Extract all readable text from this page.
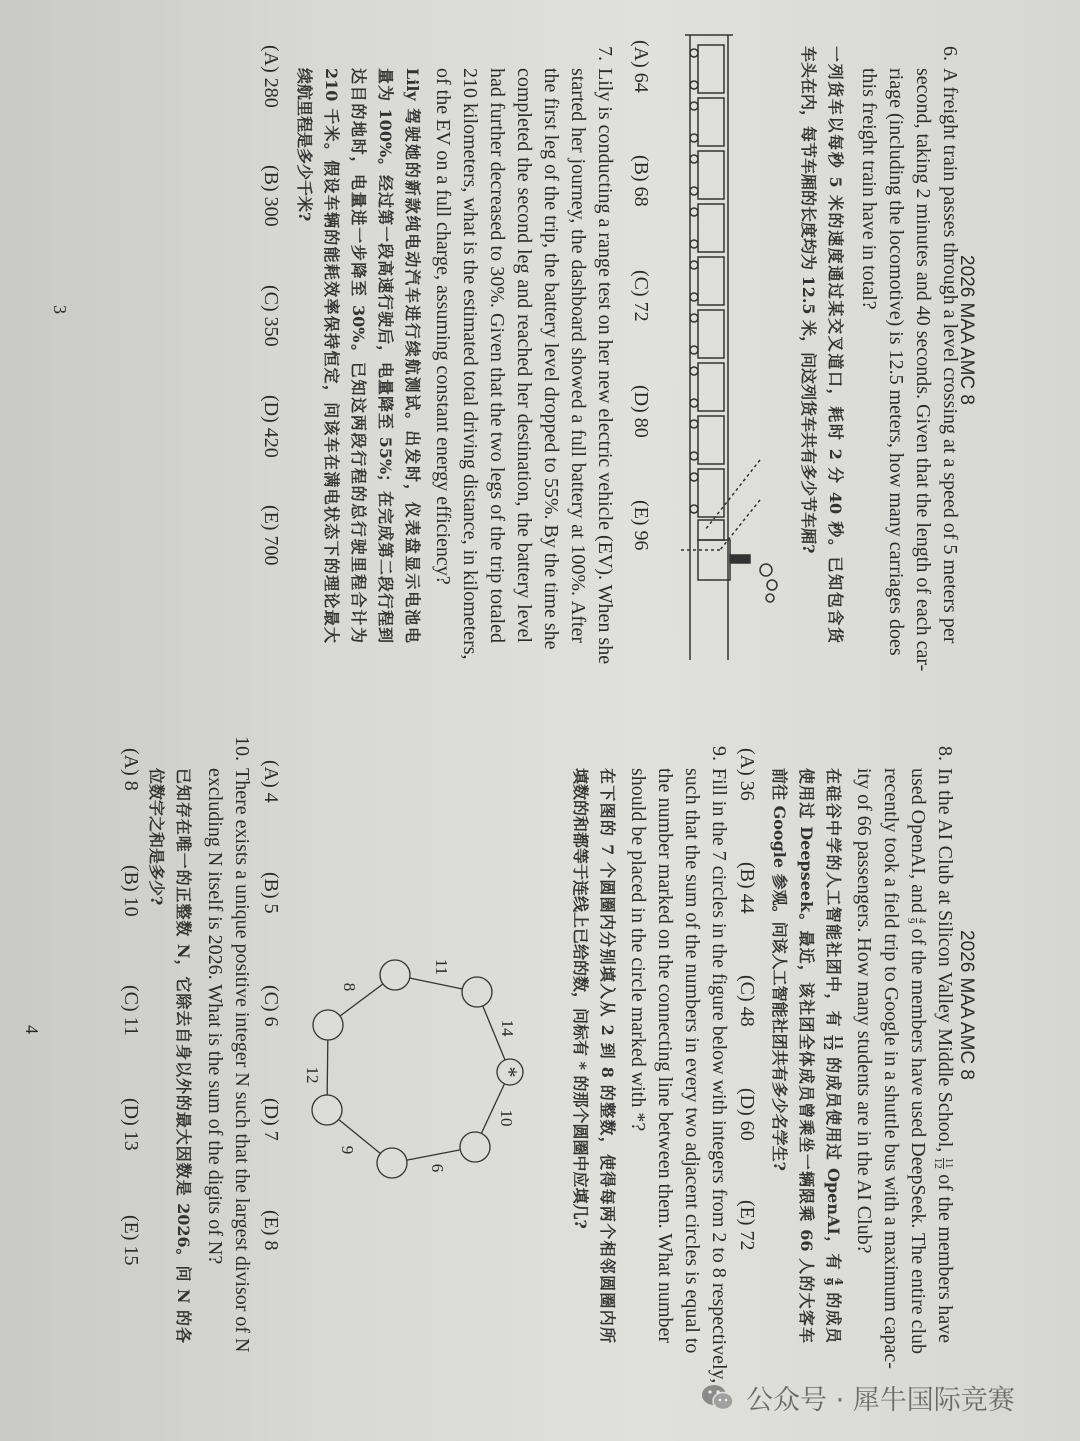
2026 MAA AMC 8
6.
A freight train passes through a level crossing at a speed of 5 meters per
second, taking 2 minutes and 40 seconds. Given that the length of each car-
riage (including the locomotive) is 12.5 meters, how many carriages does
this freight train have in total?
一列货车以每秒 5 米的速度通过某交叉道口，耗时 2 分 40 秒。已知包含货
车头在内，每节车厢的长度均为 12.5 米，问这列货车共有多少节车厢?
(A) 64
(B) 68
(C) 72
(D) 80
(E) 96
7.
Lily is conducting a range test on her new electric vehicle (EV). When she
started her journey, the dashboard showed a full battery at 100%. After
the first leg of the trip, the battery level dropped to 55%. By the time she
completed the second leg and reached her destination, the battery level
had further decreased to 30%. Given that the two legs of the trip totaled
210 kilometers, what is the estimated total driving distance, in kilometers,
of the EV on a full charge, assuming constant energy efficiency?
Lily 驾驶她的新款纯电动汽车进行续航测试。出发时，仪表盘显示电池电
量为 100%。经过第一段高速行驶后，电量降至 55%；在完成第二段行程到
达目的地时，电量进一步降至 30%。已知这两段行程的总行驶里程合计为
210 千米。假设车辆的能耗效率保持恒定，问该车在满电状态下的理论最大
续航里程是多少千米?
(A) 280
(B) 300
(C) 350
(D) 420
(E) 700
3
2026 MAA AMC 8
8.
In the AI Club at Silicon Valley Middle School,
11
12
of the members have
used OpenAI, and
4
9
of the members have used DeepSeek. The entire club
recently took a field trip to Google in a shuttle bus with a maximum capac-
ity of 66 passengers. How many students are in the AI Club?
在硅谷中学的人工智能社团中，有
11
12
的成员使用过 OpenAI，有
4
9
的成员
使用过 Deepseek。最近，该社团全体成员曾乘坐一辆限乘 66 人的大客车
前往 Google 参观。问该人工智能社团共有多少名学生?
(A) 36
(B) 44
(C) 48
(D) 60
(E) 72
9.
Fill in the 7 circles in the figure below with integers from 2 to 8 respectively,
such that the sum of the numbers in every two adjacent circles is equal to
the number marked on the connecting line between them. What number
should be placed in the circle marked with *?
在下图的 7 个圆圈内分别填入从 2 到 8 的整数，使得每两个相邻圆圈内所
填数的和都等于连线上已给的数，问标有 * 的那个圆圈中应填几?
14
11
8
12
9
6
10
*
(A) 4
(B) 5
(C) 6
(D) 7
(E) 8
10.
There exists a unique positive integer N such that the largest divisor of N
excluding N itself is 2026. What is the sum of the digits of N?
已知存在唯一的正整数 N，它除去自身以外的最大因数是 2026。问 N 的各
位数字之和是多少?
(A) 8
(B) 10
(C) 11
(D) 13
(E) 15
4
公众号 · 犀牛国际竞赛
